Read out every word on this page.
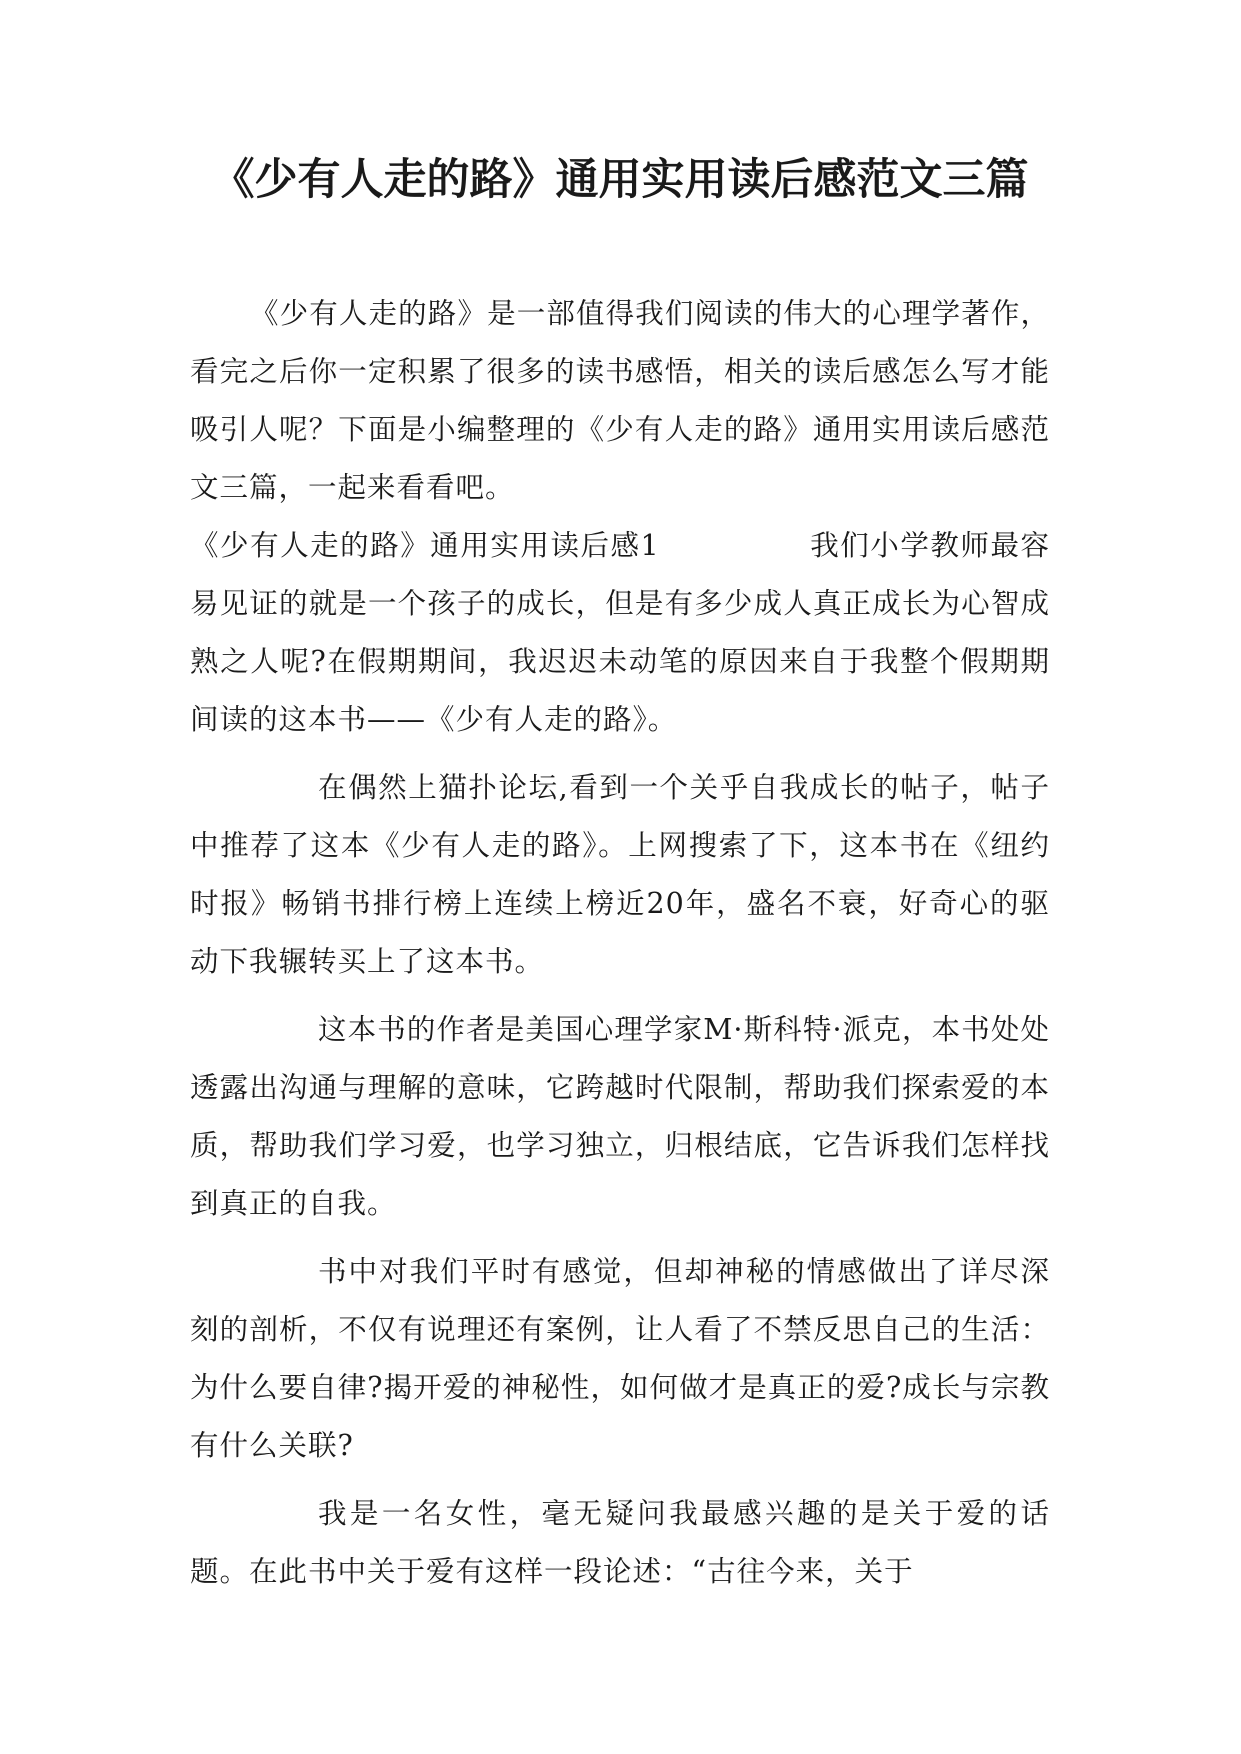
《少有人走的路》通用实用读后感范文三篇

《少有人走的路》是一部值得我们阅读的伟大的心理学著作，看完之后你一定积累了很多的读书感悟，相关的读后感怎么写才能吸引人呢？下面是小编整理的《少有人走的路》通用实用读后感范文三篇，一起来看看吧。

《少有人走的路》通用实用读后感1	我们小学教师最容易见证的就是一个孩子的成长，但是有多少成人真正成长为心智成熟之人呢?在假期期间，我迟迟未动笔的原因来自于我整个假期期间读的这本书——《少有人走的路》。

在偶然上猫扑论坛,看到一个关乎自我成长的帖子，帖子中推荐了这本《少有人走的路》。上网搜索了下，这本书在《纽约时报》畅销书排行榜上连续上榜近20年，盛名不衰，好奇心的驱动下我辗转买上了这本书。

这本书的作者是美国心理学家M·斯科特·派克，本书处处透露出沟通与理解的意味，它跨越时代限制，帮助我们探索爱的本质，帮助我们学习爱，也学习独立，归根结底，它告诉我们怎样找到真正的自我。

书中对我们平时有感觉，但却神秘的情感做出了详尽深刻的剖析，不仅有说理还有案例，让人看了不禁反思自己的生活：为什么要自律?揭开爱的神秘性，如何做才是真正的爱?成长与宗教有什么关联?

我是一名女性，毫无疑问我最感兴趣的是关于爱的话题。在此书中关于爱有这样一段论述：“古往今来，关于
